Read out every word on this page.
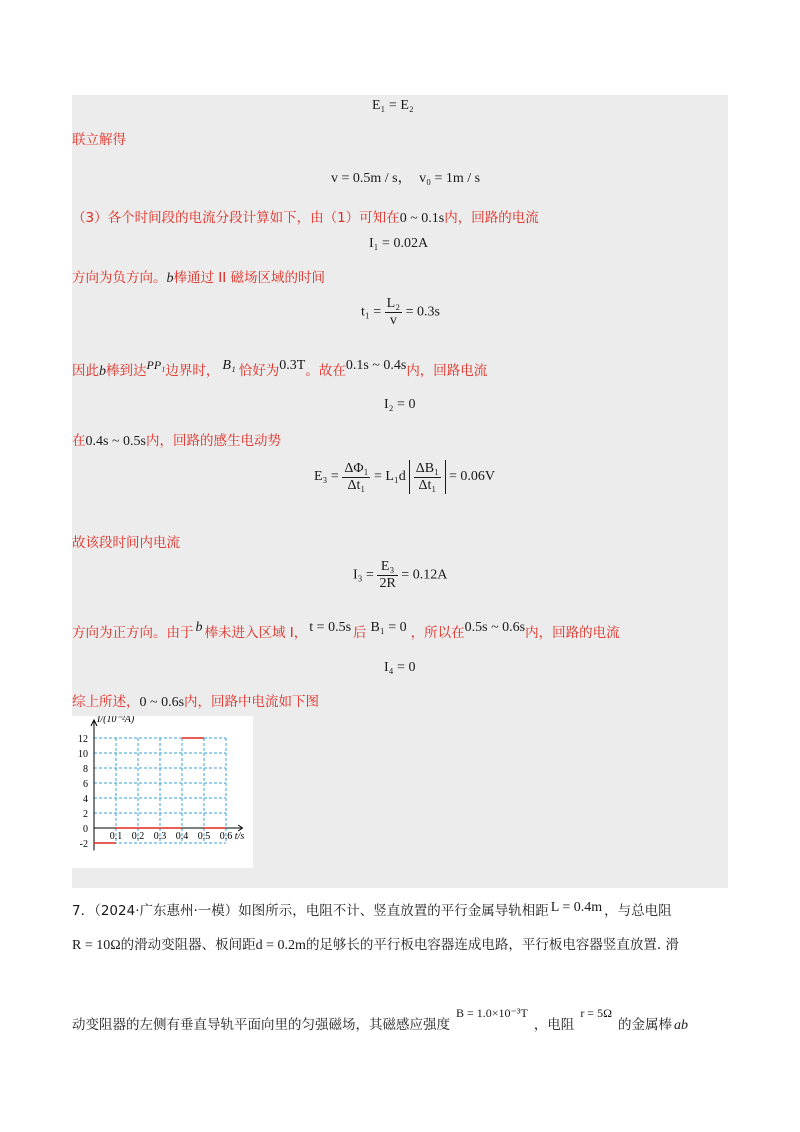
E₁ = E₂
联立解得
v = 0.5m / s， v₀ = 1m / s
（3）各个时间段的电流分段计算如下，由（1）可知在0 ~ 0.1s内，回路的电流
I₁ = 0.02A
方向为负方向。b棒通过 II 磁场区域的时间
$t_1 = \frac{\text{L₂}}{v} = 0.3s$
因此b棒到达PP₁边界时， B₁ 恰好为0.3T。故在0.1s ~ 0.4s内，回路电流
I₂ = 0
在0.4s ~ 0.5s内，回路的感生电动势
$E_3 = \frac{\text{ΔΦ₁}}{\text{Δt₁}} = L_1d \frac{\text{ΔB₁}}{\text{Δt₁}} = 0.06V$
故该段时间内电流
$I_3 = \frac{\text{E₃}}{2R} = 0.12A$
方向为正方向。由于 b 棒未进入区域 I， t = 0.5s 后 B₁ = 0 ，所以在0.5s ~ 0.6s内，回路的电流
I₄ = 0
综上所述，0 ~ 0.6s内，回路中电流如下图
12
10
8
6
4
2
0
-2
0.1 0.2 0.3 0.4 0.5 0.6
I/(10⁻²A)
t/s
7．（2024·广东惠州·一模）如图所示，电阻不计、竖直放置的平行金属导轨相距 L = 0.4m ，与总电阻
R = 10Ω的滑动变阻器、板间距d = 0.2m的足够长的平行板电容器连成电路，平行板电容器竖直放置. 滑
动变阻器的左侧有垂直导轨平面向里的匀强磁场，其磁感应强度B = 1.0×10⁻³T，电阻r = 5Ω的金属棒 ab
